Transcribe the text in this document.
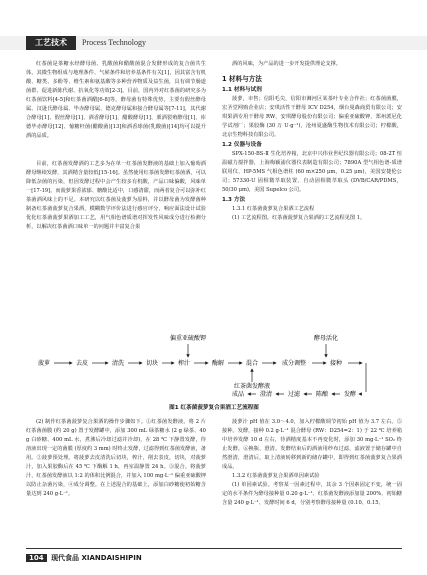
工艺技术	Process Technology

红茶菌是茶糖水经酵母菌、乳酸菌和醋酸菌混合发酵形成的复合菌共生体，其微生物组成与地理条件、气候条件和培养基条件有关[1]，因其富含有机酸、糖类、多酚等、维生素和氨基酸等多种营养物质及益生菌，具有调节肠道菌群、促进新陈代谢、抗氧化等功效[2-3]。目前，国内外对红茶菌的研究多为红茶菌饮料[4-5]和红茶菌酒醋[6-8]等。酵母菌有特殊优势，主要有假丝酵母属、汉逊氏酵母属、毕赤酵母属、德克酵母属和接合酵母属等[7-11]，其代谢合酵母[1]、假丝酵母[1]、酒香酵母[1]、醋酸酵母[1]、栗酒裂殖酵母[1]、库德毕赤酵母[12]、葡糖杆菌(醋酸菌)[13]和酒香球菌(乳酸菌)[14]均可以提升酒的品质。

目前，红茶菌发酵酒的工艺多为在单一红茶菌发酵液的基础上加入葡萄酒酵母继续发酵，其酒精含量较低[15-16]。虽然使用红茶菌发酵红茶菌酒，可以降低杂菌的污染，但因发酵过程中会产生较多有机酸，产品口味偏酸，风味单一[17-19]。而菠萝果香浓郁、糖酸比适中，口感清甜，而两者复合可以弥补红茶菌酒风味上的不足。本研究以红茶菌及菠萝为原料，并以酵母菌为发酵菌种制备红茶菌菠萝复合果酒，模糊数学评价法进行感官评分，响应面法设计试验优化红茶菌菠萝果酒加工工艺，用气相色谱质谱对挥发性风味成分进行检测分析，以解决红茶菌酒口味单一的问题并丰富复合果

酒的风味，为产品的进一步开发提供理论支撑。

1 材料与方法

1.1 材料与试剂

菠萝，市售；信阳毛尖，信阳市浉河区某茶叶专业合作社；红茶菌菌膜，宏圣堂网购企业店；安琪活性干酵母 ICV D254，烟台曼森商贸有限公司；安琪果酒专用干酵母 RW，安琪酵母股份有限公司；偏重亚硫酸钾，郑州派尼化学试剂厂；果胶酶 (30 万 U·g⁻¹)，沧州夏盛酶生物技术有限公司；柠檬酸，北京生物科技有限公司。

1.2 仪器与设备

SPX-150-BS-Ⅱ 生化培养箱，北京中兴伟业世纪仪器有限公司；08-2T 恒温磁力搅拌器，上海梅颖浦仪器仪表制造有限公司；7890A 型气相色谱-质谱联用仪、HP-5MS 气相色谱柱 (60 m×250 μm，0.25 μm)，美国安捷伦公司；57330-U 固相微萃取装置、自动固相微萃取头 (DVB/CAR/PDMS，50/30 μm)，美国 Supelco 公司。

1.3 方法

1.3.1 红茶菌菠萝复合果酒工艺流程

(1) 工艺流程图。红茶菌菠萝复合果酒的工艺流程见图 1。

偏重亚硫酸钾	酵母活化
菠萝	去皮	清洗	切块	榨汁	酶解	混合	成分调整	接种
红茶菌发酵液
成品	澄清	过滤	陈酿	发酵
图1 红茶菌菠萝复合果酒工艺流程图

(2) 制作红茶菌菠萝复合果酒的操作步骤如下。①红茶菌发酵液。将 2 片红茶菌菌膜 (约 20 g) 置于发酵罐中，添加 300 mL 绿茶糖水 (2 g 绿茶、40 g 白砂糖、400 mL 水，煮沸后冷却过滤并冷却)，在 28 ℃ 下静置发酵，待溶液出现一定的菌膜 (厚度约 3 mm) 时终止发酵，过滤得到红茶菌发酵液，备用。②菠萝预处理。将菠萝去皮清洗后切块，榨汁，削去表皮，切块，对菠萝汁，加入果胶酶后在 45 ℃ 下酶解 1 h，再室温静置 24 h。③混合。将菠萝汁、红茶菌发酵液以 1:2 的体积比例混合，并加入 100 mg·L⁻¹ 偏重亚硫酸钾以防止杂菌污染，④成分调整。在上述混合的基础上，添加白砂糖使初始糖含量达到 240 g·L⁻¹。

菠萝汁 pH 值在 3.0～4.0，加入柠檬酸调节初始 pH 值为 3.7 左右。⑤接种。发酵，接种 0.2 g·L⁻¹ 混合酵母 (RW：D254=2：1) 于 22 ℃ 培养箱中培养发酵 10 d 左右，待酒精度基本不再变化时，添加 30 mg·L⁻¹ SO₂ 终止发酵。⑥换瓶、澄清。发酵结束后的酒液用纱布过滤，滤液置于储存罐中自然澄清，澄清后，取上清液转移到新的储存罐中，即得到红茶菌菠萝复合果酒成品。

1.3.2 红茶菌菠萝复合果酒单因素试验

(1) 单因素试验。考察某一因素过程中，其余 3 个因素固定不变，统一固定的水平条件为酵母接种量 0.20 g·L⁻¹、红茶菌发酵液添加量 200%、初始糖含量 240 g·L⁻¹、发酵时间 6 d，分别考察酵母接种量 (0.10、0.15、

104 现代食品 XIANDAISHIPIN
